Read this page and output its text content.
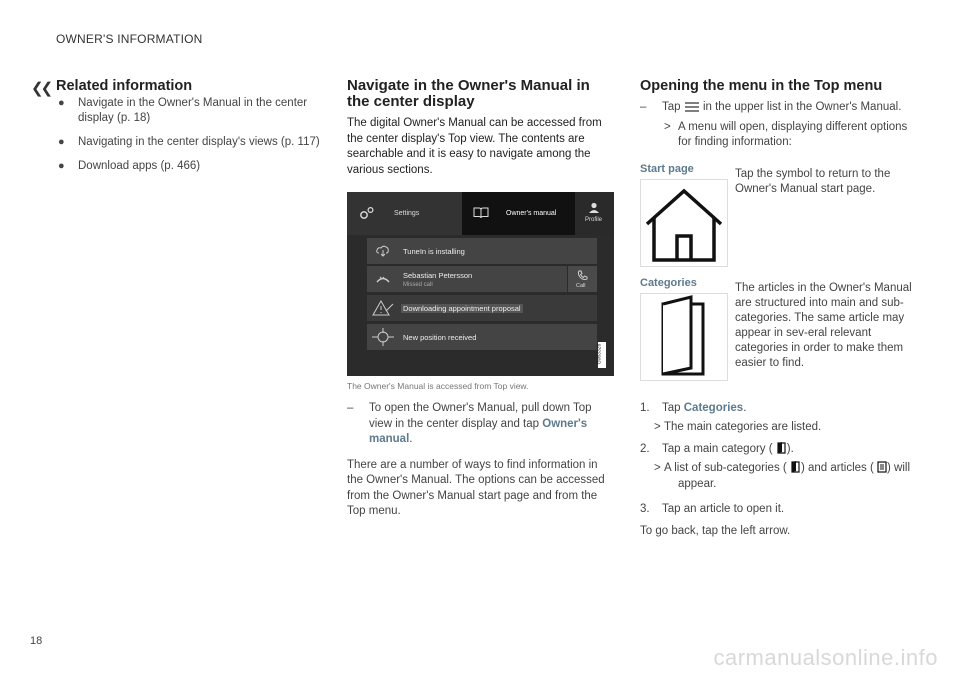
OWNER'S INFORMATION
❮❮ Related information
● Navigate in the Owner's Manual in the center display (p. 18)
● Navigating in the center display's views (p. 117)
● Download apps (p. 466)
Navigate in the Owner's Manual in the center display

The digital Owner's Manual can be accessed from the center display's Top view. The contents are searchable and it is easy to navigate among the various sections.

Settings	Owner's manual
Profile
TuneIn is installing
Sebastian Petersson
Missed call	Call
Downloading appointment proposal
New position received
G063326
The Owner's Manual is accessed from Top view.
– To open the Owner's Manual, pull down Top view in the center display and tap Owner's manual.

There are a number of ways to find information in the Owner's Manual. The options can be accessed from the Owner's Manual start page and from the Top menu.

Opening the menu in the Top menu
– Tap in the upper list in the Owner's Manual.
> A menu will open, displaying different options for finding information:
Start page	Tap the symbol to return to the Owner's Manual start page.
Categories	The articles in the Owner's Manual are structured into main and sub-categories. The same article may appear in sev-eral relevant categories in order to make them easier to find.
1. Tap Categories.
> The main categories are listed.
2. Tap a main category ( ).
> A list of sub-categories ( ) and articles ( ) will appear.
3. Tap an article to open it.

To go back, tap the left arrow.

18
carmanualsonline.info
